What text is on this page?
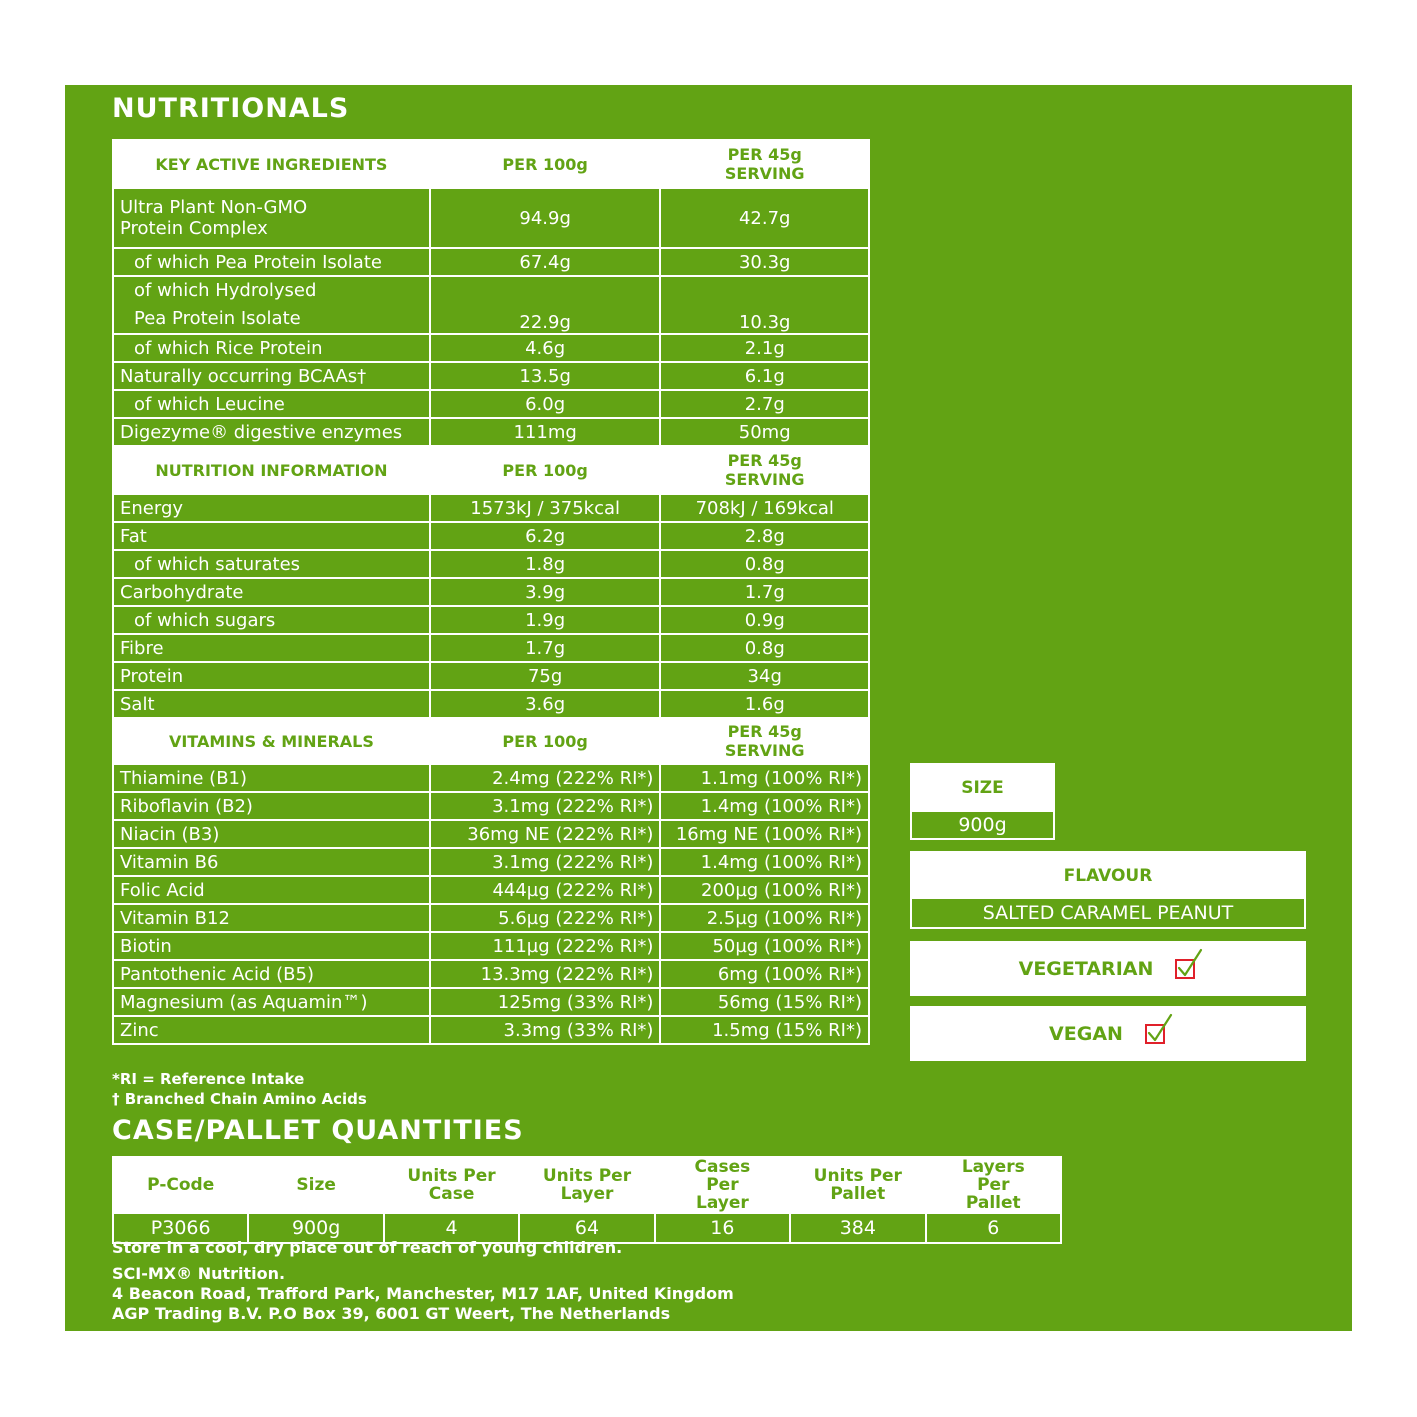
NUTRITIONALS
KEY ACTIVE INGREDIENTS	PER 100g	PER 45g SERVING
Ultra Plant Non-GMO Protein Complex	94.9g	42.7g
of which Pea Protein Isolate	67.4g	30.3g
of which Hydrolysed Pea Protein Isolate	22.9g	10.3g
of which Rice Protein	4.6g	2.1g
Naturally occurring BCAAs†	13.5g	6.1g
of which Leucine	6.0g	2.7g
Digezyme® digestive enzymes	111mg	50mg
NUTRITION INFORMATION	PER 100g	PER 45g SERVING
Energy	1573kJ / 375kcal	708kJ / 169kcal
Fat	6.2g	2.8g
of which saturates	1.8g	0.8g
Carbohydrate	3.9g	1.7g
of which sugars	1.9g	0.9g
Fibre	1.7g	0.8g
Protein	75g	34g
Salt	3.6g	1.6g
VITAMINS & MINERALS	PER 100g	PER 45g SERVING
Thiamine (B1)	2.4mg (222% RI*)	1.1mg (100% RI*)
Riboflavin (B2)	3.1mg (222% RI*)	1.4mg (100% RI*)
Niacin (B3)	36mg NE (222% RI*)	16mg NE (100% RI*)
Vitamin B6	3.1mg (222% RI*)	1.4mg (100% RI*)
Folic Acid	444µg (222% RI*)	200µg (100% RI*)
Vitamin B12	5.6µg (222% RI*)	2.5µg (100% RI*)
Biotin	111µg (222% RI*)	50µg (100% RI*)
Pantothenic Acid (B5)	13.3mg (222% RI*)	6mg (100% RI*)
Magnesium (as Aquamin™)	125mg (33% RI*)	56mg (15% RI*)
Zinc	3.3mg (33% RI*)	1.5mg (15% RI*)
*RI = Reference Intake
† Branched Chain Amino Acids
SIZE
900g
FLAVOUR
SALTED CARAMEL PEANUT
VEGETARIAN
VEGAN
CASE/PALLET QUANTITIES
P-Code	Size	Units Per Case	Units Per Layer	Cases Per Layer	Units Per Pallet	Layers Per Pallet
P3066	900g	4	64	16	384	6
Store in a cool, dry place out of reach of young children.
SCI-MX® Nutrition.
4 Beacon Road, Trafford Park, Manchester, M17 1AF, United Kingdom
AGP Trading B.V. P.O Box 39, 6001 GT Weert, The Netherlands
